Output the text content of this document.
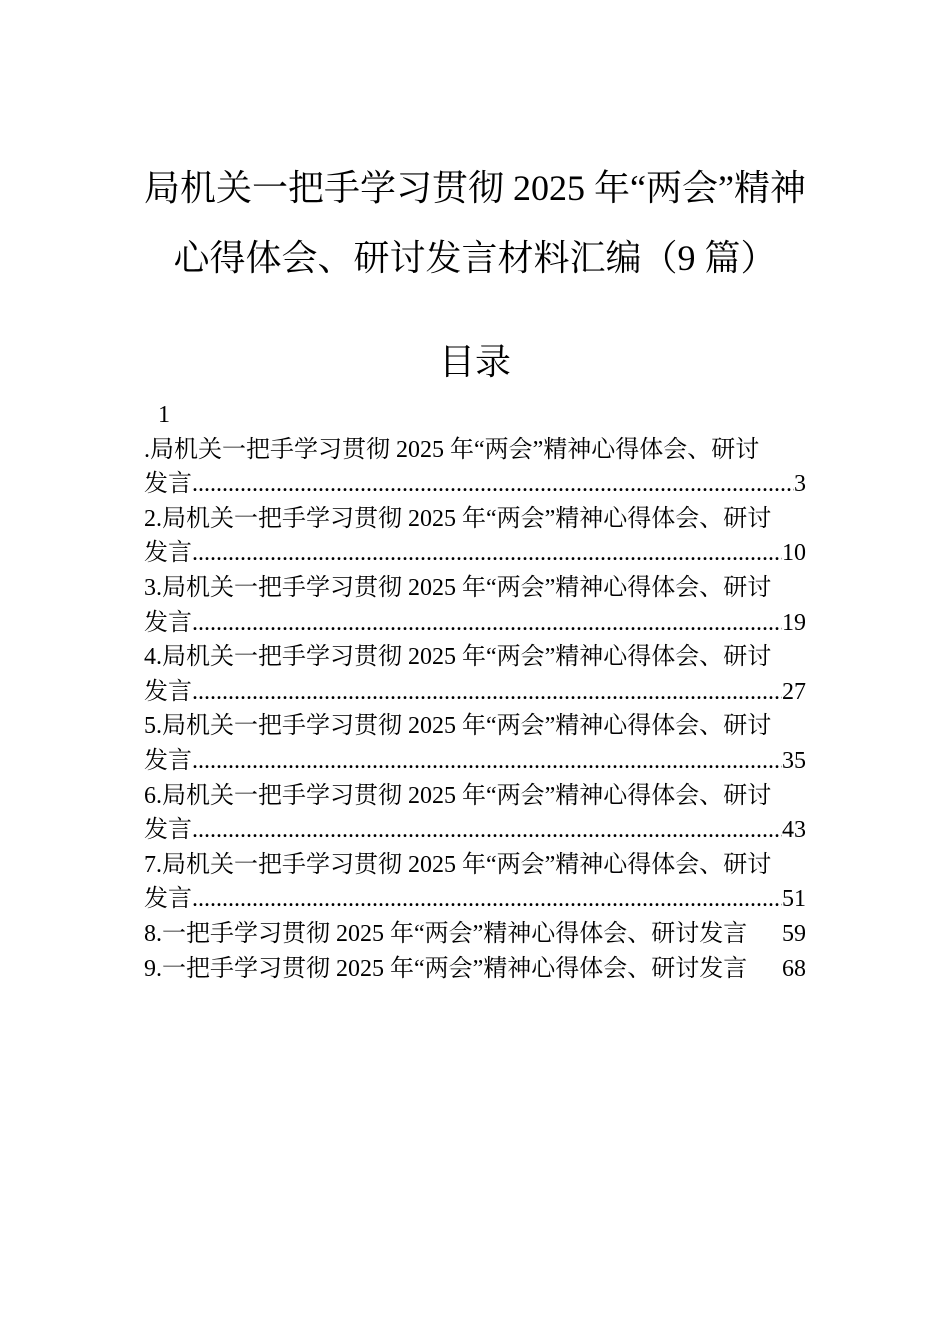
局机关一把手学习贯彻 2025 年“两会”精神
心得体会、研讨发言材料汇编（9 篇）
目录
1
.局机关一把手学习贯彻 2025 年“两会”精神心得体会、研讨
发言 .....	3
2.局机关一把手学习贯彻 2025 年“两会”精神心得体会、研讨
发言 .....	10
3.局机关一把手学习贯彻 2025 年“两会”精神心得体会、研讨
发言 .....	19
4.局机关一把手学习贯彻 2025 年“两会”精神心得体会、研讨
发言 .....	27
5.局机关一把手学习贯彻 2025 年“两会”精神心得体会、研讨
发言 .....	35
6.局机关一把手学习贯彻 2025 年“两会”精神心得体会、研讨
发言 .....	43
7.局机关一把手学习贯彻 2025 年“两会”精神心得体会、研讨
发言 .....	51
8.一把手学习贯彻 2025 年“两会”精神心得体会、研讨发言 59
9.一把手学习贯彻 2025 年“两会”精神心得体会、研讨发言 68
